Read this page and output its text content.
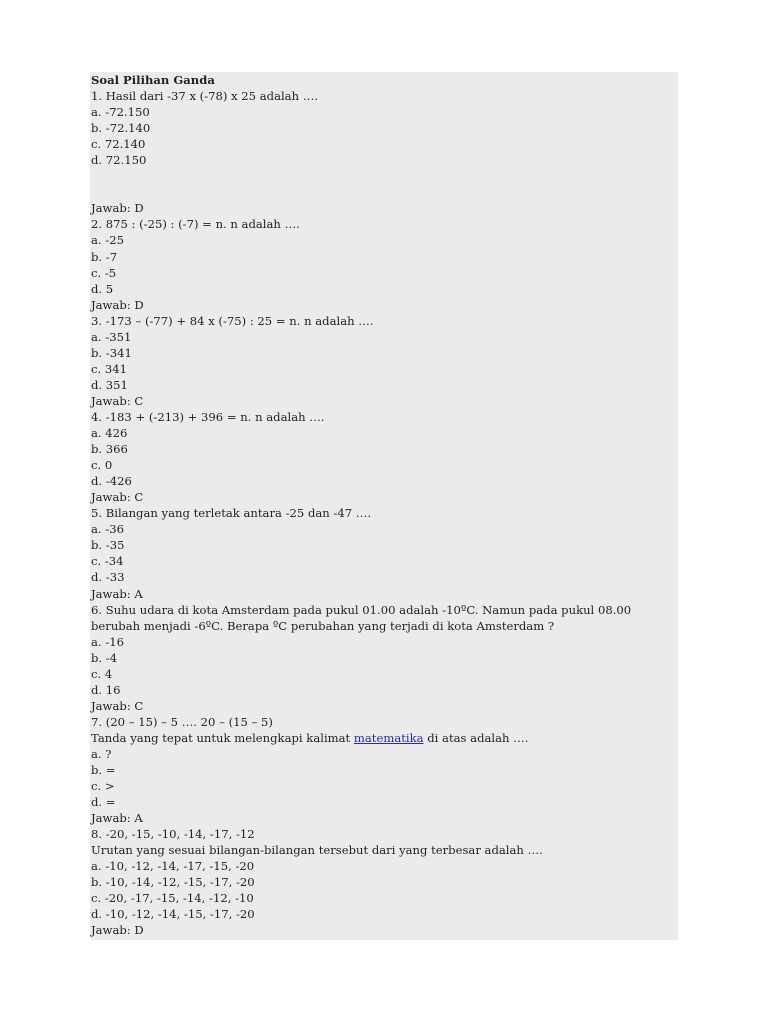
Soal Pilihan Ganda
1. Hasil dari -37 x (-78) x 25 adalah ….
a. -72.150
b. -72.140
c. 72.140
d. 72.150
Jawab: D
2. 875 : (-25) : (-7) = n. n adalah ….
a. -25
b. -7
c. -5
d. 5
Jawab: D
3. -173 – (-77) + 84 x (-75) : 25 = n. n adalah ….
a. -351
b. -341
c. 341
d. 351
Jawab: C
4. -183 + (-213) + 396 = n. n adalah ….
a. 426
b. 366
c. 0
d. -426
Jawab: C
5. Bilangan yang terletak antara -25 dan -47 ….
a. -36
b. -35
c. -34
d. -33
Jawab: A
6. Suhu udara di kota Amsterdam pada pukul 01.00 adalah -10ºC. Namun pada pukul 08.00 berubah menjadi -6ºC. Berapa ºC perubahan yang terjadi di kota Amsterdam ?
a. -16
b. -4
c. 4
d. 16
Jawab: C
7. (20 – 15) – 5 …. 20 – (15 – 5)
Tanda yang tepat untuk melengkapi kalimat matematika di atas adalah ….
a. ?
b. =
c. >
d. =
Jawab: A
8. -20, -15, -10, -14, -17, -12
Urutan yang sesuai bilangan-bilangan tersebut dari yang terbesar adalah ….
a. -10, -12, -14, -17, -15, -20
b. -10, -14, -12, -15, -17, -20
c. -20, -17, -15, -14, -12, -10
d. -10, -12, -14, -15, -17, -20
Jawab: D
